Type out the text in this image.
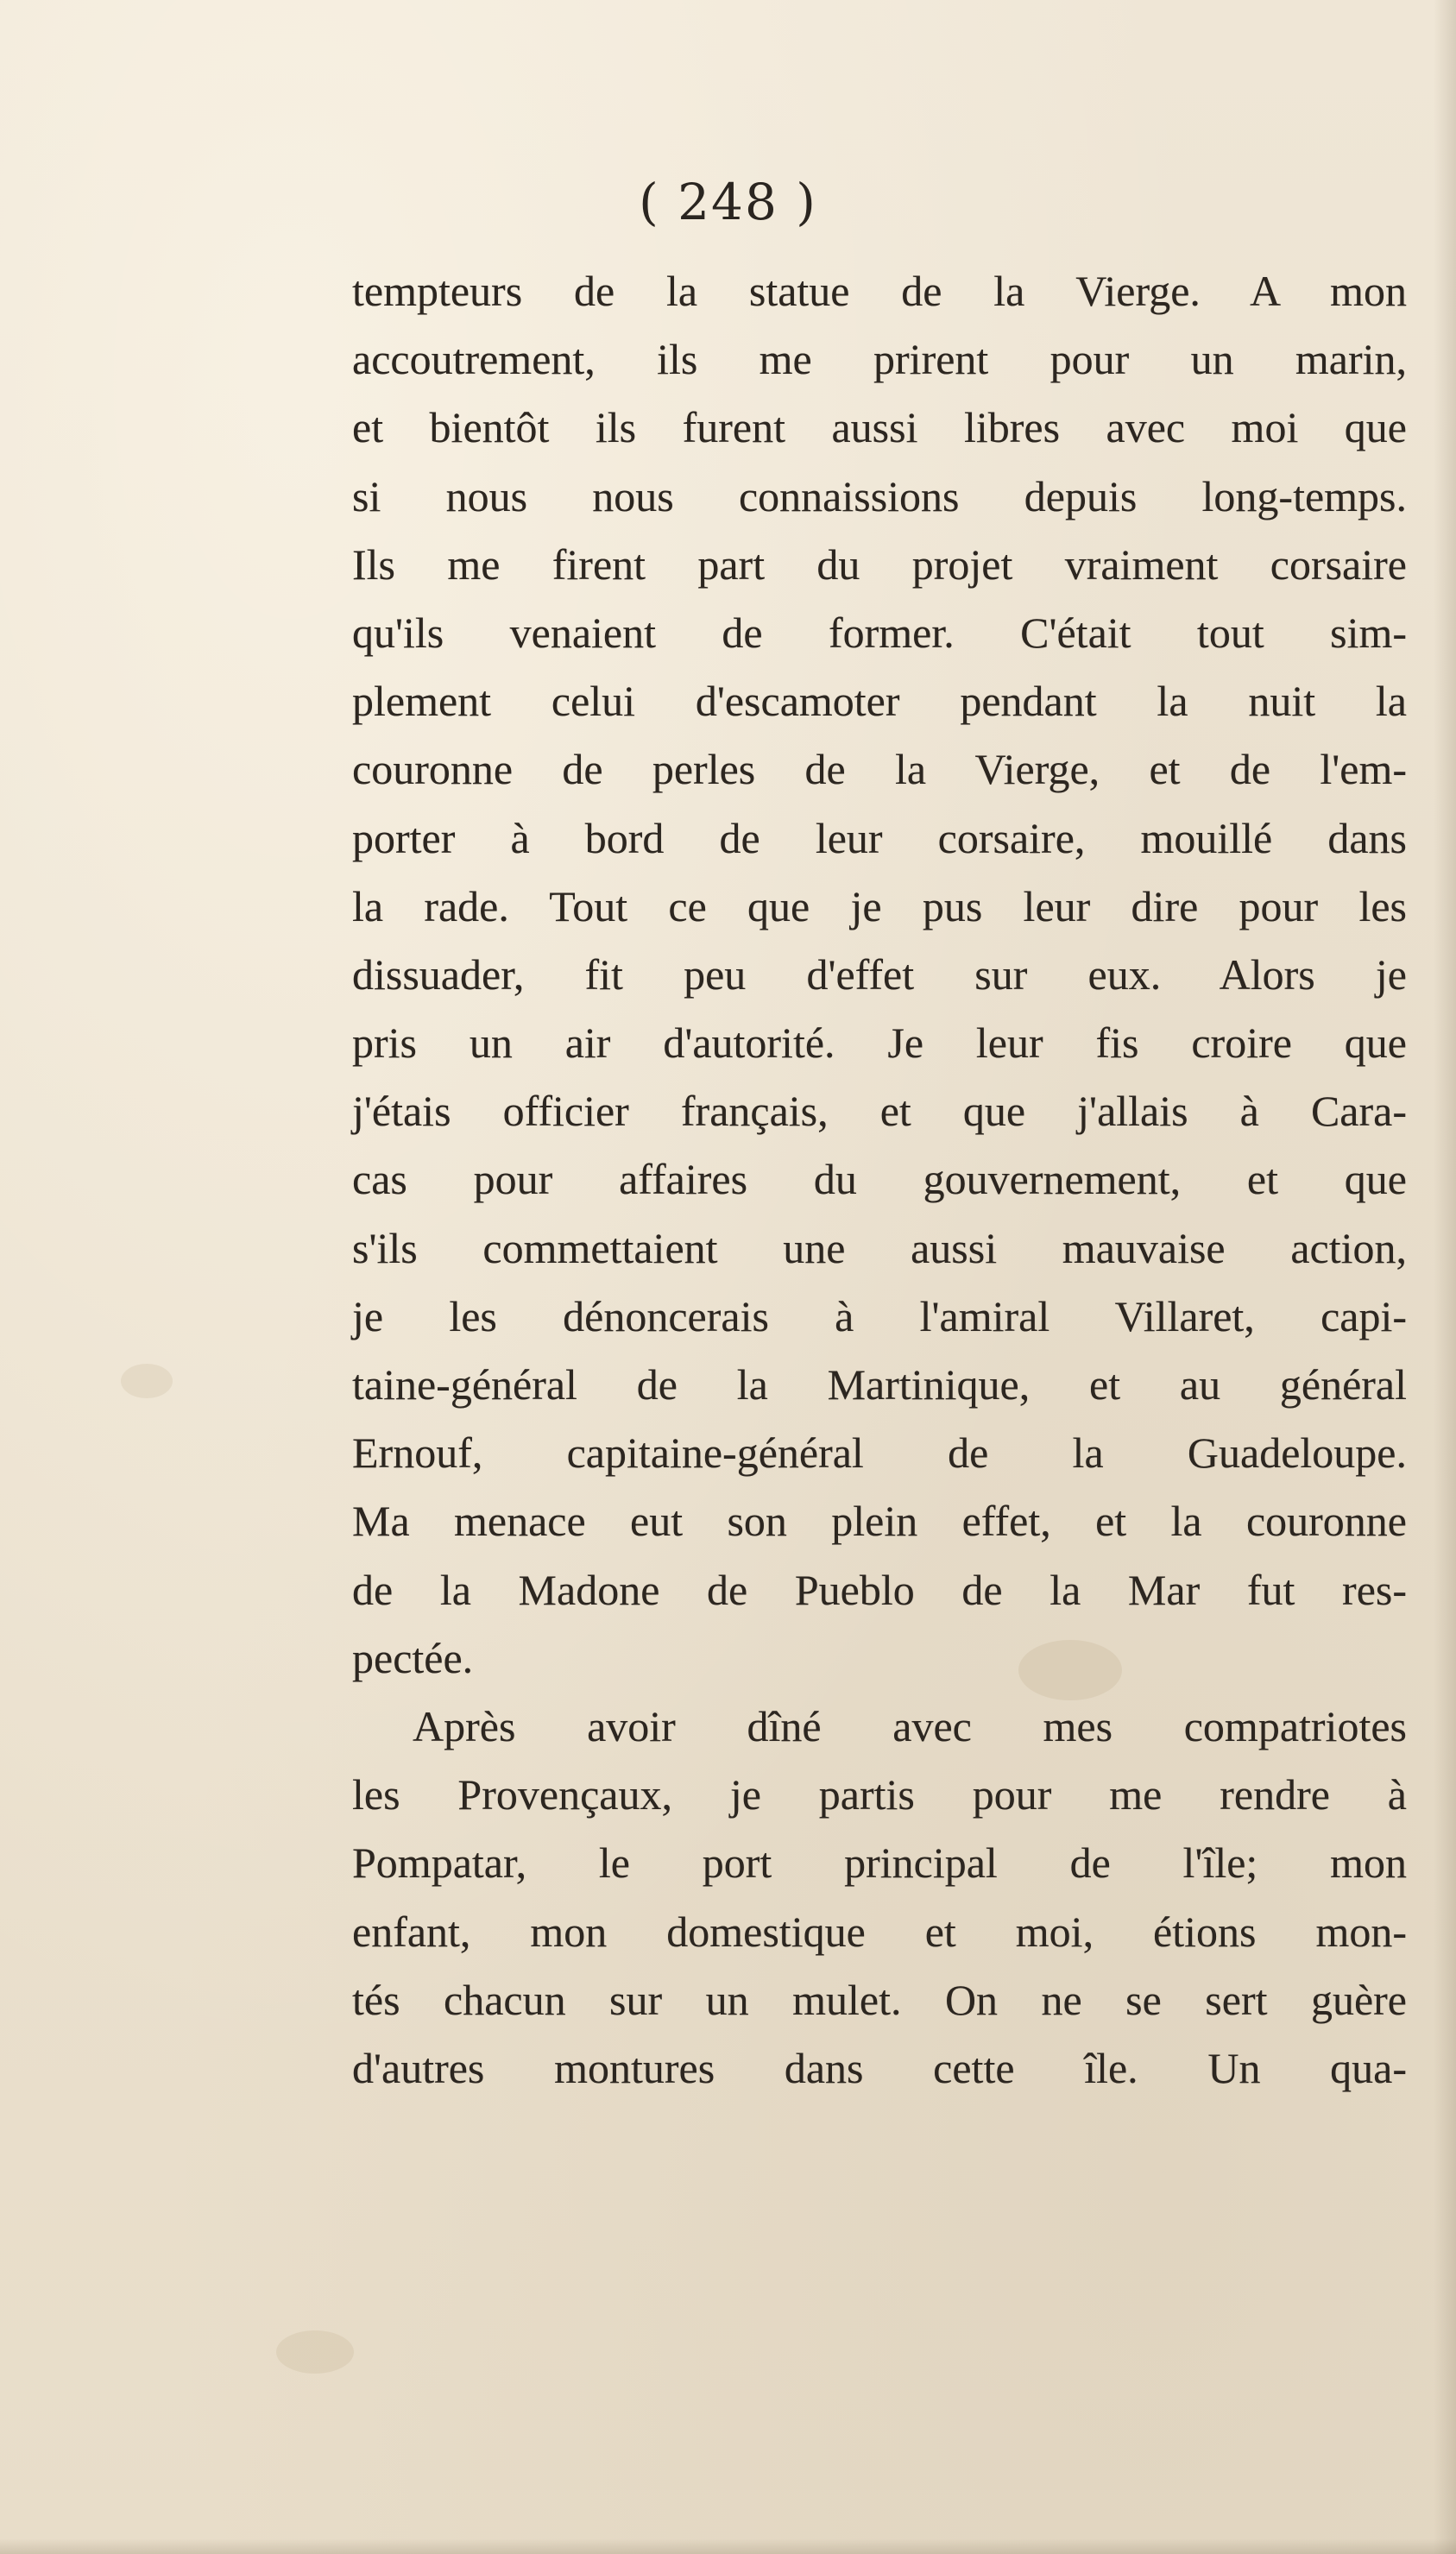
( 248 )
tempteurs de la statue de la Vierge. A mon
accoutrement, ils me prirent pour un marin,
et bientôt ils furent aussi libres avec moi que
si nous nous connaissions depuis long-temps.
Ils me firent part du projet vraiment corsaire
qu'ils venaient de former. C'était tout sim-
plement celui d'escamoter pendant la nuit la
couronne de perles de la Vierge, et de l'em-
porter à bord de leur corsaire, mouillé dans
la rade. Tout ce que je pus leur dire pour les
dissuader, fit peu d'effet sur eux. Alors je
pris un air d'autorité. Je leur fis croire que
j'étais officier français, et que j'allais à Cara-
cas pour affaires du gouvernement, et que
s'ils commettaient une aussi mauvaise action,
je les dénoncerais à l'amiral Villaret, capi-
taine-général de la Martinique, et au général
Ernouf, capitaine-général de la Guadeloupe.
Ma menace eut son plein effet, et la couronne
de la Madone de Pueblo de la Mar fut res-
pectée.
Après avoir dîné avec mes compatriotes
les Provençaux, je partis pour me rendre à
Pompatar, le port principal de l'île; mon
enfant, mon domestique et moi, étions mon-
tés chacun sur un mulet. On ne se sert guère
d'autres montures dans cette île. Un qua-
